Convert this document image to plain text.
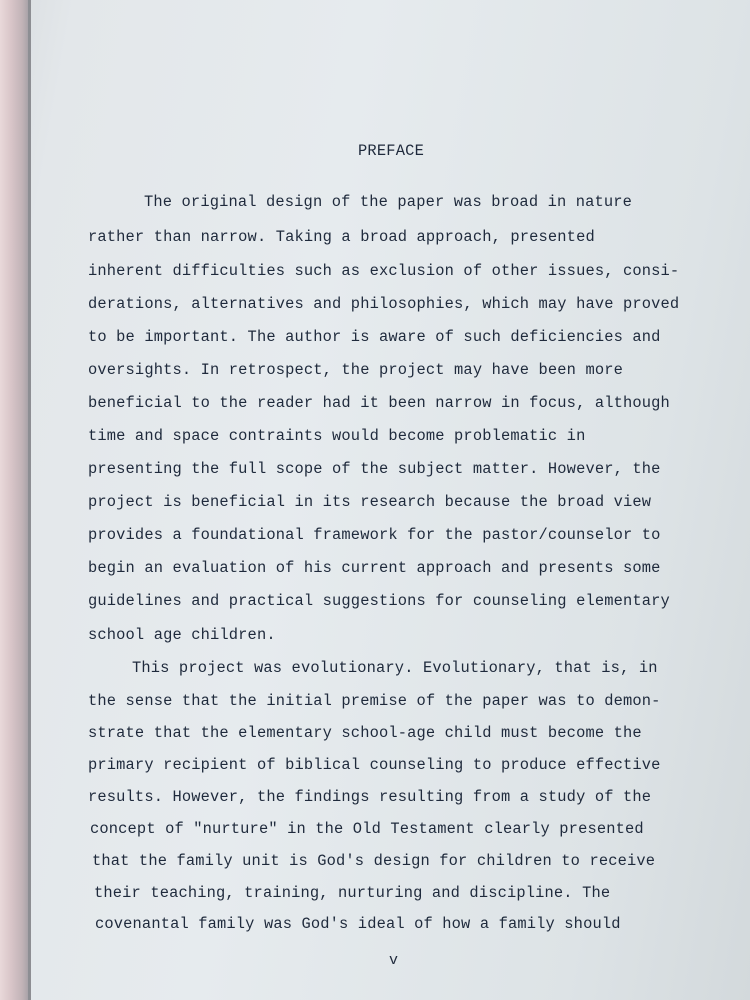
PREFACE
The original design of the paper was broad in nature
rather than narrow. Taking a broad approach, presented
inherent difficulties such as exclusion of other issues, consi-
derations, alternatives and philosophies, which may have proved
to be important. The author is aware of such deficiencies and
oversights. In retrospect, the project may have been more
beneficial to the reader had it been narrow in focus, although
time and space contraints would become problematic in
presenting the full scope of the subject matter. However, the
project is beneficial in its research because the broad view
provides a foundational framework for the pastor/counselor to
begin an evaluation of his current approach and presents some
guidelines and practical suggestions for counseling elementary
school age children.
This project was evolutionary. Evolutionary, that is, in
the sense that the initial premise of the paper was to demon-
strate that the elementary school-age child must become the
primary recipient of biblical counseling to produce effective
results. However, the findings resulting from a study of the
concept of "nurture" in the Old Testament clearly presented
that the family unit is God's design for children to receive
their teaching, training, nurturing and discipline. The
covenantal family was God's ideal of how a family should
v
